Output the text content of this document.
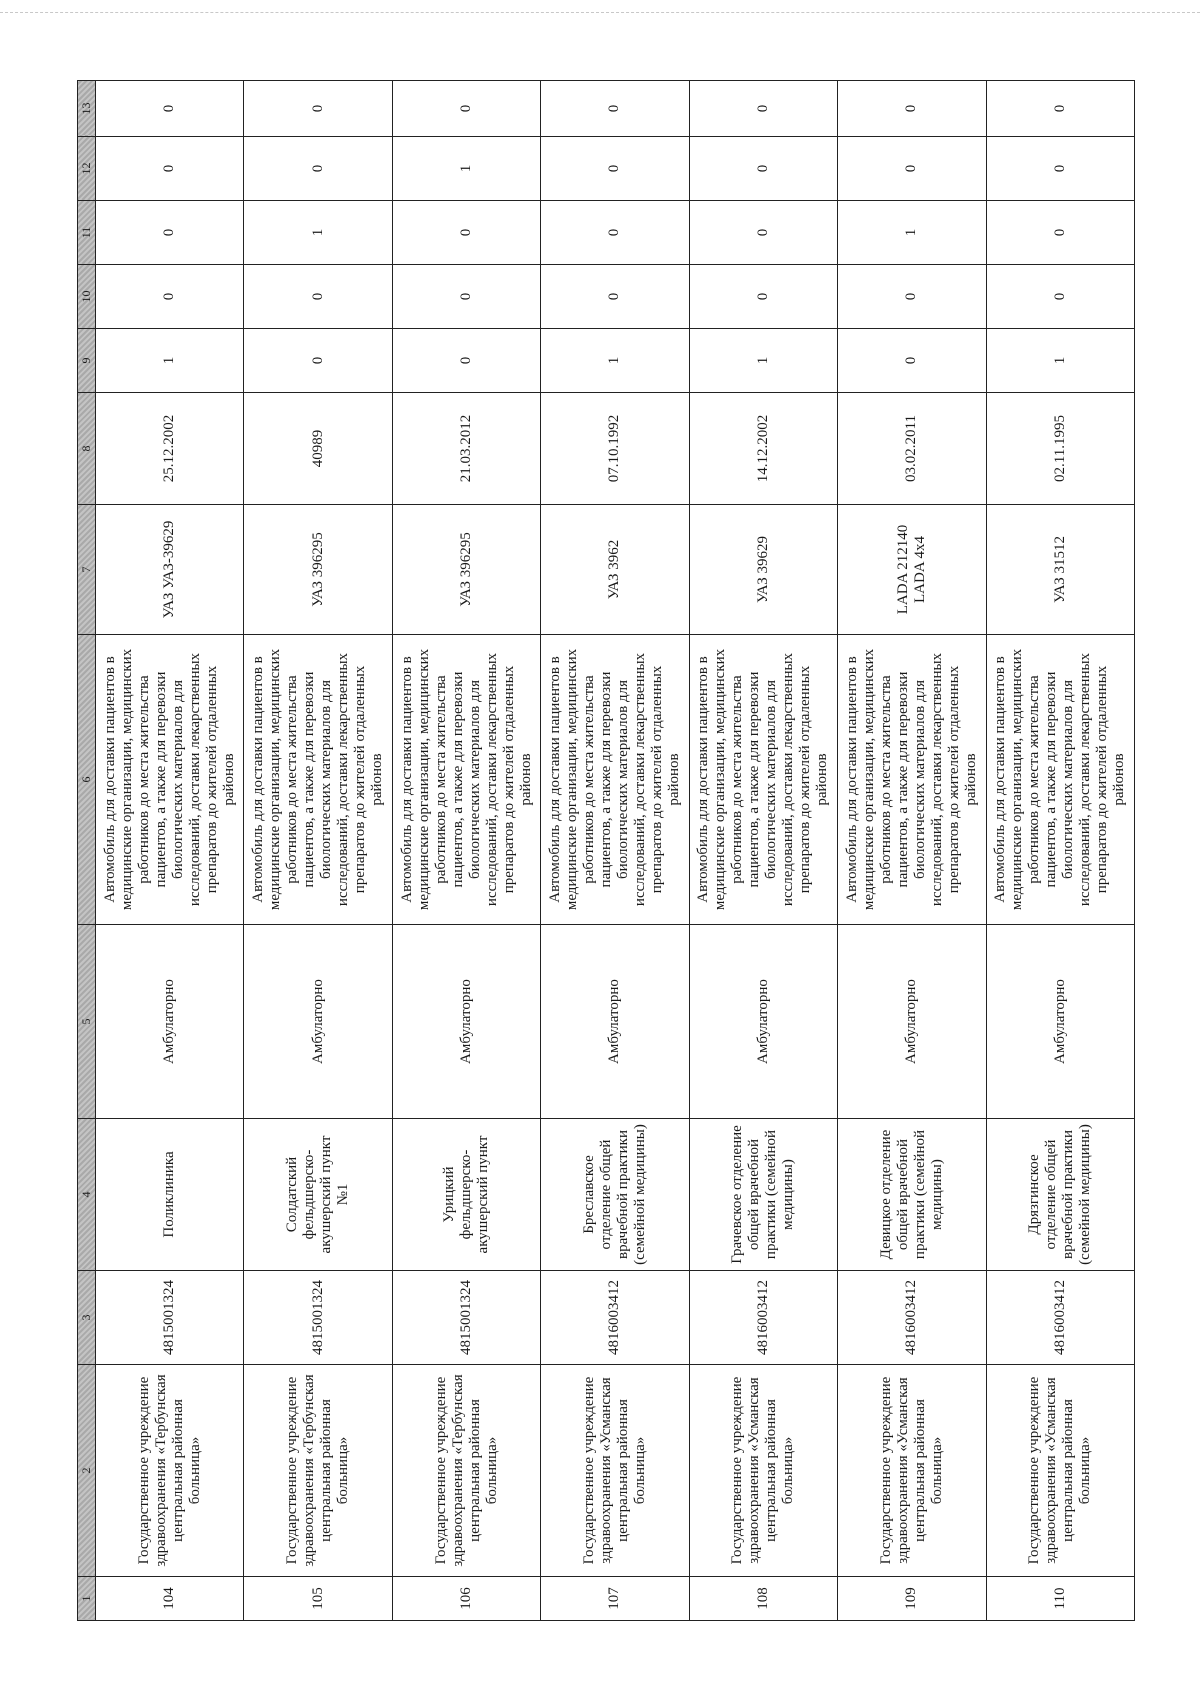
1	2	3	4	5	6	7	8	9	10	11	12	13
104	Государственное учреждение здравоохранения «Тербунская центральная районная больница»	4815001324	Поликлиника	Амбулаторно	Автомобиль для доставки пациентов в медицинские организации, медицинских работников до места жительства пациентов, а также для перевозки биологических материалов для исследований, доставки лекарственных препаратов до жителей отдаленных районов	УАЗ УАЗ-39629	25.12.2002	1	0	0	0	0
105	Государственное учреждение здравоохранения «Тербунская центральная районная больница»	4815001324	Солдатский фельдшерско-акушерский пункт №1	Амбулаторно	Автомобиль для доставки пациентов в медицинские организации, медицинских работников до места жительства пациентов, а также для перевозки биологических материалов для исследований, доставки лекарственных препаратов до жителей отдаленных районов	УАЗ 396295	40989	0	0	1	0	0
106	Государственное учреждение здравоохранения «Тербунская центральная районная больница»	4815001324	Урицкий фельдшерско-акушерский пункт	Амбулаторно	Автомобиль для доставки пациентов в медицинские организации, медицинских работников до места жительства пациентов, а также для перевозки биологических материалов для исследований, доставки лекарственных препаратов до жителей отдаленных районов	УАЗ 396295	21.03.2012	0	0	0	1	0
107	Государственное учреждение здравоохранения «Усманская центральная районная больница»	4816003412	Бреславское отделение общей врачебной практики (семейной медицины)	Амбулаторно	Автомобиль для доставки пациентов в медицинские организации, медицинских работников до места жительства пациентов, а также для перевозки биологических материалов для исследований, доставки лекарственных препаратов до жителей отдаленных районов	УАЗ 3962	07.10.1992	1	0	0	0	0
108	Государственное учреждение здравоохранения «Усманская центральная районная больница»	4816003412	Грачевское отделение общей врачебной практики (семейной медицины)	Амбулаторно	Автомобиль для доставки пациентов в медицинские организации, медицинских работников до места жительства пациентов, а также для перевозки биологических материалов для исследований, доставки лекарственных препаратов до жителей отдаленных районов	УАЗ 39629	14.12.2002	1	0	0	0	0
109	Государственное учреждение здравоохранения «Усманская центральная районная больница»	4816003412	Девицкое отделение общей врачебной практики (семейной медицины)	Амбулаторно	Автомобиль для доставки пациентов в медицинские организации, медицинских работников до места жительства пациентов, а также для перевозки биологических материалов для исследований, доставки лекарственных препаратов до жителей отдаленных районов	LADA 212140 LADA 4x4	03.02.2011	0	0	1	0	0
110	Государственное учреждение здравоохранения «Усманская центральная районная больница»	4816003412	Дрязгинское отделение общей врачебной практики (семейной медицины)	Амбулаторно	Автомобиль для доставки пациентов в медицинские организации, медицинских работников до места жительства пациентов, а также для перевозки биологических материалов для исследований, доставки лекарственных препаратов до жителей отдаленных районов	УАЗ 31512	02.11.1995	1	0	0	0	0
